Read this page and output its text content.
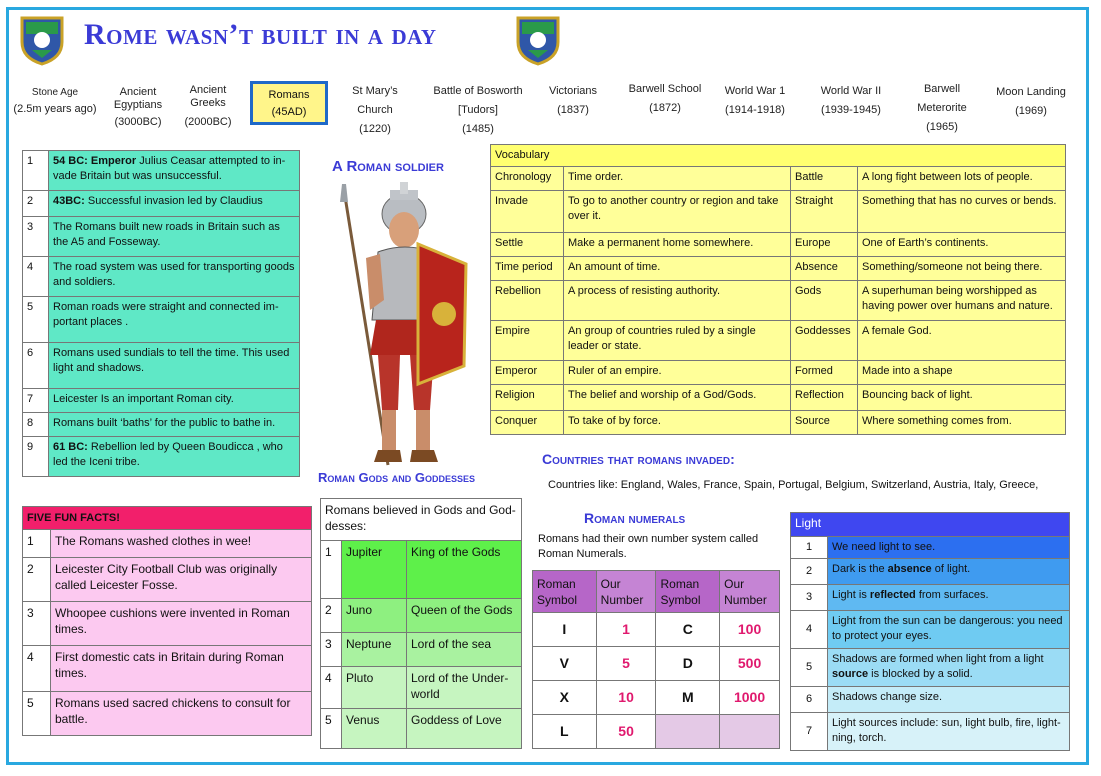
Rome wasn’t built in a day
Stone Age
(2.5m years ago)
Ancient
Egyptians
(3000BC)
Ancient
Greeks
(2000BC)
Romans
(45AD)
St Mary’s
Church
(1220)
Battle of Bosworth
[Tudors]
(1485)
Victorians
(1837)
Barwell School
(1872)
World War 1
(1914-1918)
World War II
(1939-1945)
Barwell
Meterorite
(1965)
Moon Landing
(1969)
1	54 BC: Emperor Julius Ceasar attempted to in-vade Britain but was unsuccessful.
2	43BC: Successful invasion led by Claudius
3	The Romans built new roads in Britain such as the A5 and Fosseway.
4	The road system was used for transporting goods and soldiers.
5	Roman roads were straight and connected im-portant places .
6	Romans used sundials to tell the time. This used light and shadows.
7	Leicester Is an important Roman city.
8	Romans built ‘baths’ for the public to bathe in.
9	61 BC: Rebellion led by Queen Boudicca , who led the Iceni tribe.
A Roman soldier
Vocabulary			
Chronology	Time order.	Battle	A long fight between lots of people.
Invade	To go to another country or region and take over it.	Straight	Something that has no curves or bends.
Settle	Make a permanent home somewhere.	Europe	One of Earth’s continents.
Time period	An amount of time.	Absence	Something/someone not being there.
Rebellion	A process of resisting authority.	Gods	A superhuman being worshipped as having power over humans and nature.
Empire	An group of countries ruled by a single leader or state.	Goddesses	A female God.
Emperor	Ruler of an empire.	Formed	Made into a shape
Religion	The belief and worship of a God/Gods.	Reflection	Bouncing back of light.
Conquer	To take of by force.	Source	Where something comes from.
Roman Gods and Goddesses
Countries that romans invaded:
Countries like: England, Wales, France, Spain, Portugal, Belgium, Switzerland, Austria, Italy, Greece,
FIVE FUN FACTS!	
1	The Romans washed clothes in wee!
2	Leicester City Football Club was originally called Leicester Fosse.
3	Whoopee cushions were invented in Roman times.
4	First domestic cats in Britain during Roman times.
5	Romans used sacred chickens to consult for battle.
Romans believed in Gods and God-desses:		
1	Jupiter	King of the Gods
2	Juno	Queen of the Gods
3	Neptune	Lord of the sea
4	Pluto	Lord of the Under-world
5	Venus	Goddess of Love
Roman numerals
Romans had their own number system called Roman Numerals.
Roman Symbol	Our Number	Roman Symbol	Our Number
I	1	C	100
V	5	D	500
X	10	M	1000
L	50		
Light	
1	We need light to see.
2	Dark is the absence of light.
3	Light is reflected from surfaces.
4	Light from the sun can be dangerous: you need to protect your eyes.
5	Shadows are formed when light from a light source is blocked by a solid.
6	Shadows change size.
7	Light sources include: sun, light bulb, fire, light-ning, torch.
